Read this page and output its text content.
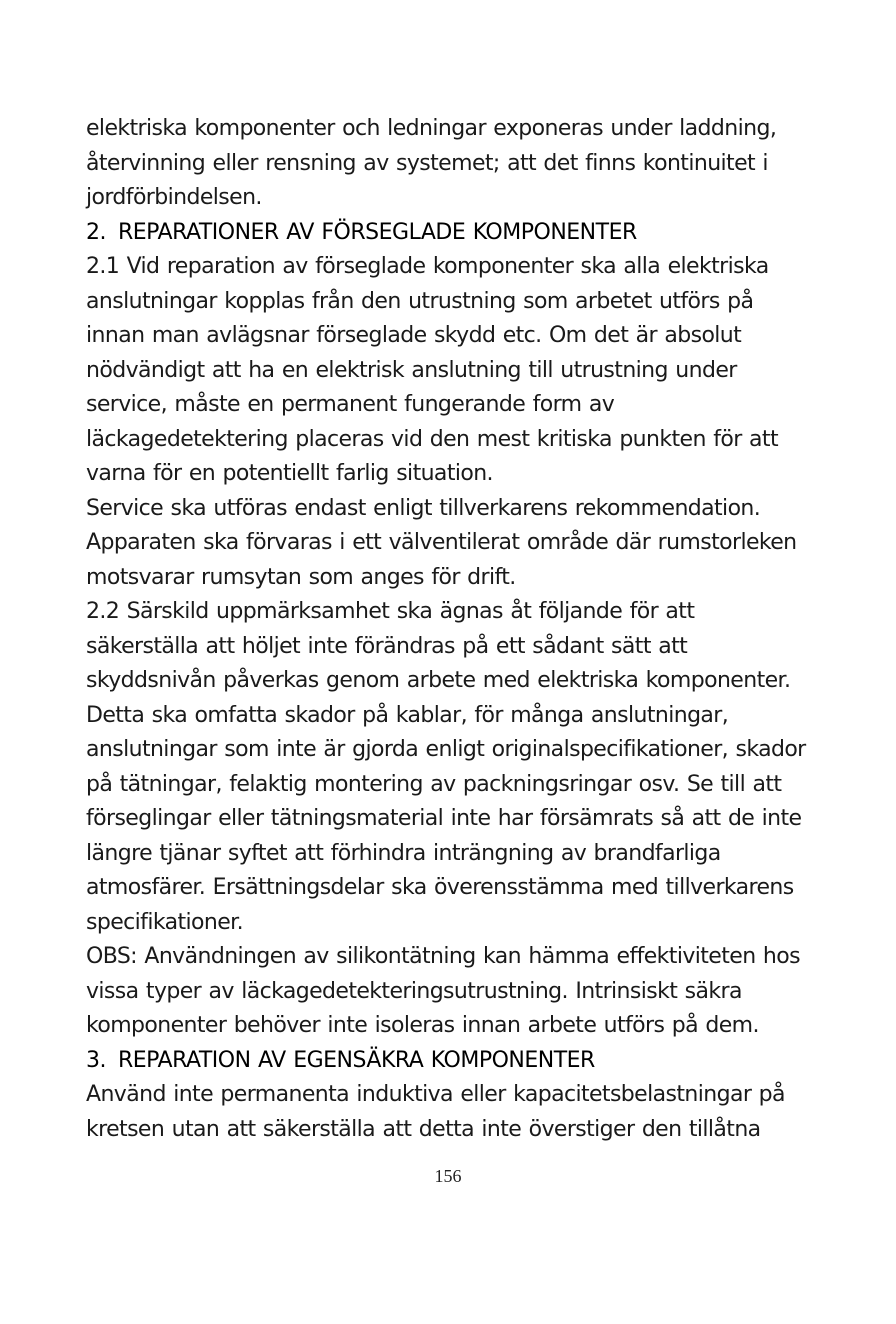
elektriska komponenter och ledningar exponeras under laddning,
återvinning eller rensning av systemet; att det finns kontinuitet i
jordförbindelsen.
2. REPARATIONER AV FÖRSEGLADE KOMPONENTER
2.1 Vid reparation av förseglade komponenter ska alla elektriska
anslutningar kopplas från den utrustning som arbetet utförs på
innan man avlägsnar förseglade skydd etc. Om det är absolut
nödvändigt att ha en elektrisk anslutning till utrustning under
service, måste en permanent fungerande form av
läckagedetektering placeras vid den mest kritiska punkten för att
varna för en potentiellt farlig situation.
Service ska utföras endast enligt tillverkarens rekommendation.
Apparaten ska förvaras i ett välventilerat område där rumstorleken
motsvarar rumsytan som anges för drift.
2.2 Särskild uppmärksamhet ska ägnas åt följande för att
säkerställa att höljet inte förändras på ett sådant sätt att
skyddsnivån påverkas genom arbete med elektriska komponenter.
Detta ska omfatta skador på kablar, för många anslutningar,
anslutningar som inte är gjorda enligt originalspecifikationer, skador
på tätningar, felaktig montering av packningsringar osv. Se till att
förseglingar eller tätningsmaterial inte har försämrats så att de inte
längre tjänar syftet att förhindra inträngning av brandfarliga
atmosfärer. Ersättningsdelar ska överensstämma med tillverkarens
specifikationer.
OBS: Användningen av silikontätning kan hämma effektiviteten hos
vissa typer av läckagedetekteringsutrustning. Intrinsiskt säkra
komponenter behöver inte isoleras innan arbete utförs på dem.
3. REPARATION AV EGENSÄKRA KOMPONENTER
Använd inte permanenta induktiva eller kapacitetsbelastningar på
kretsen utan att säkerställa att detta inte överstiger den tillåtna
156
